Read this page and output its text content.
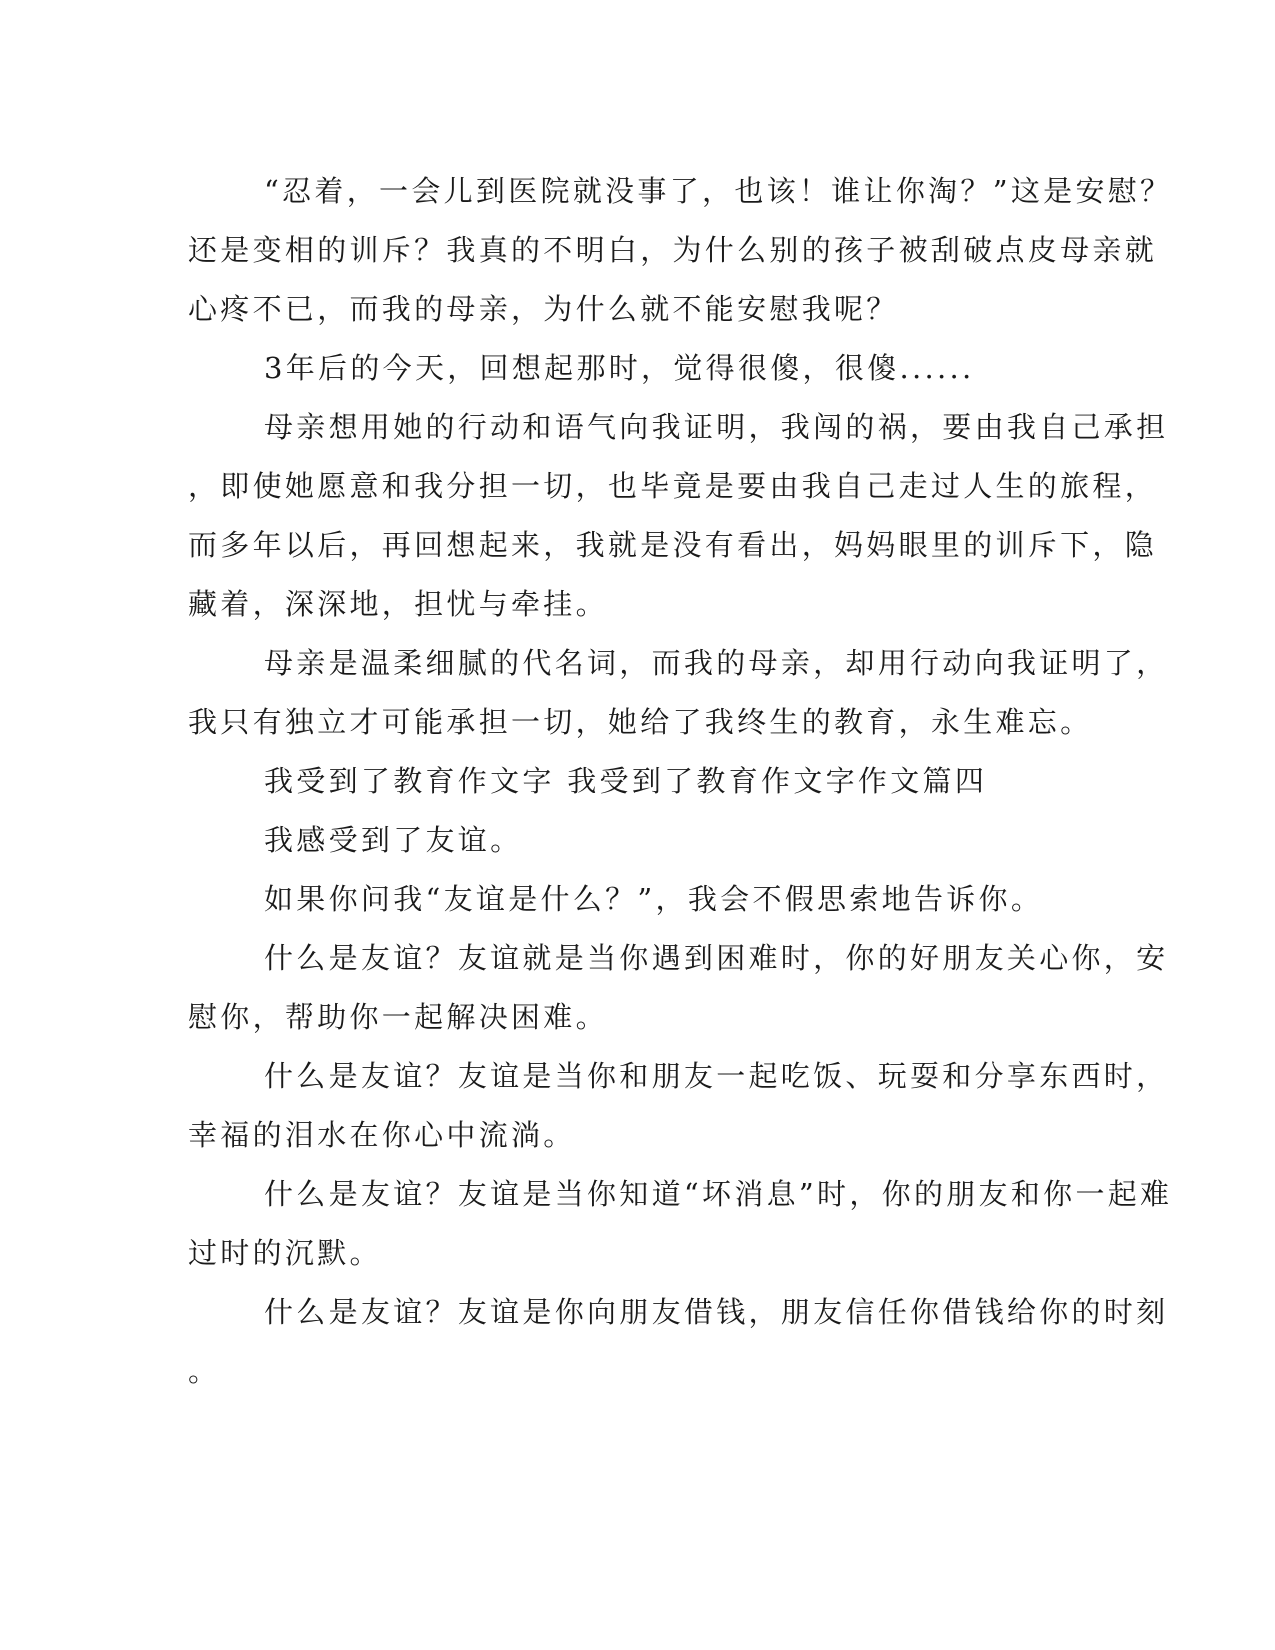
“忍着，一会儿到医院就没事了，也该！谁让你淘？”这是安慰？
还是变相的训斥？我真的不明白，为什么别的孩子被刮破点皮母亲就
心疼不已，而我的母亲，为什么就不能安慰我呢？
3年后的今天，回想起那时，觉得很傻，很傻......
母亲想用她的行动和语气向我证明，我闯的祸，要由我自己承担
，即使她愿意和我分担一切，也毕竟是要由我自己走过人生的旅程，
而多年以后，再回想起来，我就是没有看出，妈妈眼里的训斥下，隐
藏着，深深地，担忧与牵挂。
母亲是温柔细腻的代名词，而我的母亲，却用行动向我证明了，
我只有独立才可能承担一切，她给了我终生的教育，永生难忘。
我受到了教育作文字 我受到了教育作文字作文篇四
我感受到了友谊。
如果你问我“友谊是什么？”，我会不假思索地告诉你。
什么是友谊？友谊就是当你遇到困难时，你的好朋友关心你，安
慰你，帮助你一起解决困难。
什么是友谊？友谊是当你和朋友一起吃饭、玩耍和分享东西时，
幸福的泪水在你心中流淌。
什么是友谊？友谊是当你知道“坏消息”时，你的朋友和你一起难
过时的沉默。
什么是友谊？友谊是你向朋友借钱，朋友信任你借钱给你的时刻
。
